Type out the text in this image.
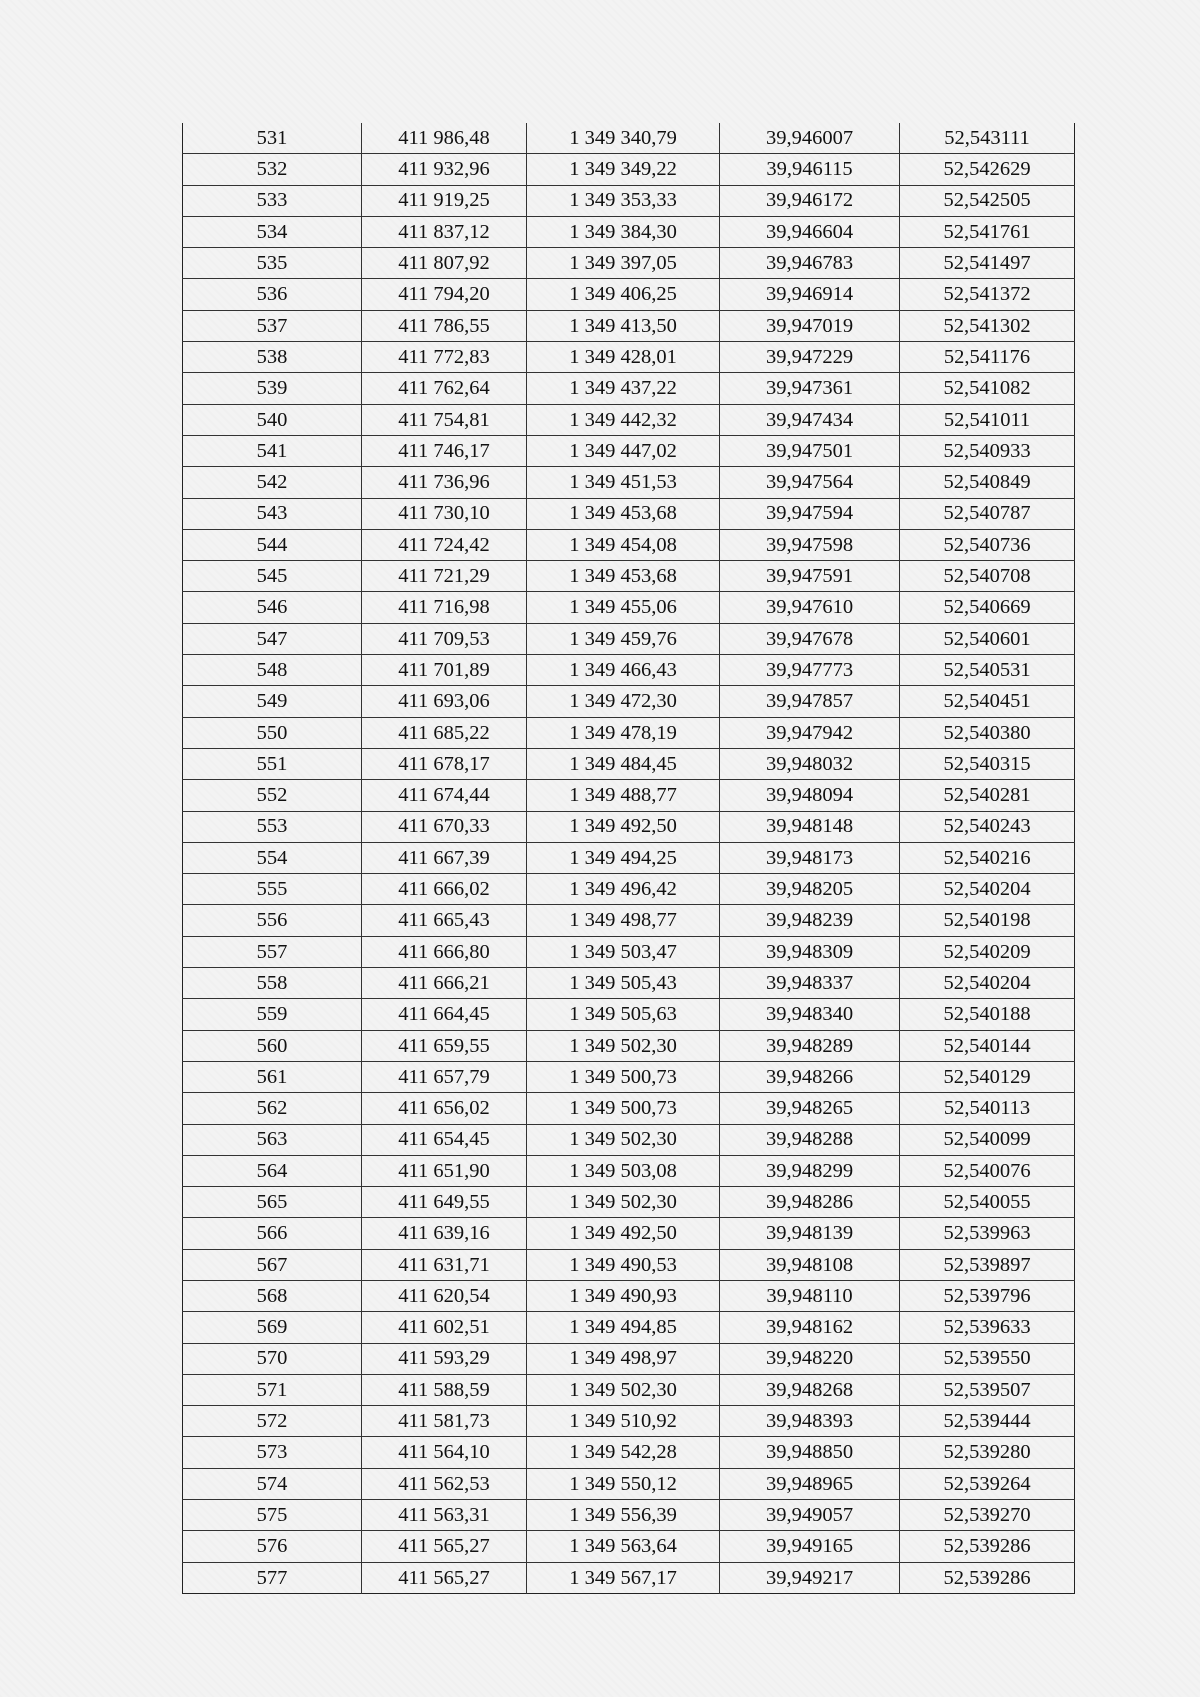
531	411 986,48	1 349 340,79	39,946007	52,543111
532	411 932,96	1 349 349,22	39,946115	52,542629
533	411 919,25	1 349 353,33	39,946172	52,542505
534	411 837,12	1 349 384,30	39,946604	52,541761
535	411 807,92	1 349 397,05	39,946783	52,541497
536	411 794,20	1 349 406,25	39,946914	52,541372
537	411 786,55	1 349 413,50	39,947019	52,541302
538	411 772,83	1 349 428,01	39,947229	52,541176
539	411 762,64	1 349 437,22	39,947361	52,541082
540	411 754,81	1 349 442,32	39,947434	52,541011
541	411 746,17	1 349 447,02	39,947501	52,540933
542	411 736,96	1 349 451,53	39,947564	52,540849
543	411 730,10	1 349 453,68	39,947594	52,540787
544	411 724,42	1 349 454,08	39,947598	52,540736
545	411 721,29	1 349 453,68	39,947591	52,540708
546	411 716,98	1 349 455,06	39,947610	52,540669
547	411 709,53	1 349 459,76	39,947678	52,540601
548	411 701,89	1 349 466,43	39,947773	52,540531
549	411 693,06	1 349 472,30	39,947857	52,540451
550	411 685,22	1 349 478,19	39,947942	52,540380
551	411 678,17	1 349 484,45	39,948032	52,540315
552	411 674,44	1 349 488,77	39,948094	52,540281
553	411 670,33	1 349 492,50	39,948148	52,540243
554	411 667,39	1 349 494,25	39,948173	52,540216
555	411 666,02	1 349 496,42	39,948205	52,540204
556	411 665,43	1 349 498,77	39,948239	52,540198
557	411 666,80	1 349 503,47	39,948309	52,540209
558	411 666,21	1 349 505,43	39,948337	52,540204
559	411 664,45	1 349 505,63	39,948340	52,540188
560	411 659,55	1 349 502,30	39,948289	52,540144
561	411 657,79	1 349 500,73	39,948266	52,540129
562	411 656,02	1 349 500,73	39,948265	52,540113
563	411 654,45	1 349 502,30	39,948288	52,540099
564	411 651,90	1 349 503,08	39,948299	52,540076
565	411 649,55	1 349 502,30	39,948286	52,540055
566	411 639,16	1 349 492,50	39,948139	52,539963
567	411 631,71	1 349 490,53	39,948108	52,539897
568	411 620,54	1 349 490,93	39,948110	52,539796
569	411 602,51	1 349 494,85	39,948162	52,539633
570	411 593,29	1 349 498,97	39,948220	52,539550
571	411 588,59	1 349 502,30	39,948268	52,539507
572	411 581,73	1 349 510,92	39,948393	52,539444
573	411 564,10	1 349 542,28	39,948850	52,539280
574	411 562,53	1 349 550,12	39,948965	52,539264
575	411 563,31	1 349 556,39	39,949057	52,539270
576	411 565,27	1 349 563,64	39,949165	52,539286
577	411 565,27	1 349 567,17	39,949217	52,539286
